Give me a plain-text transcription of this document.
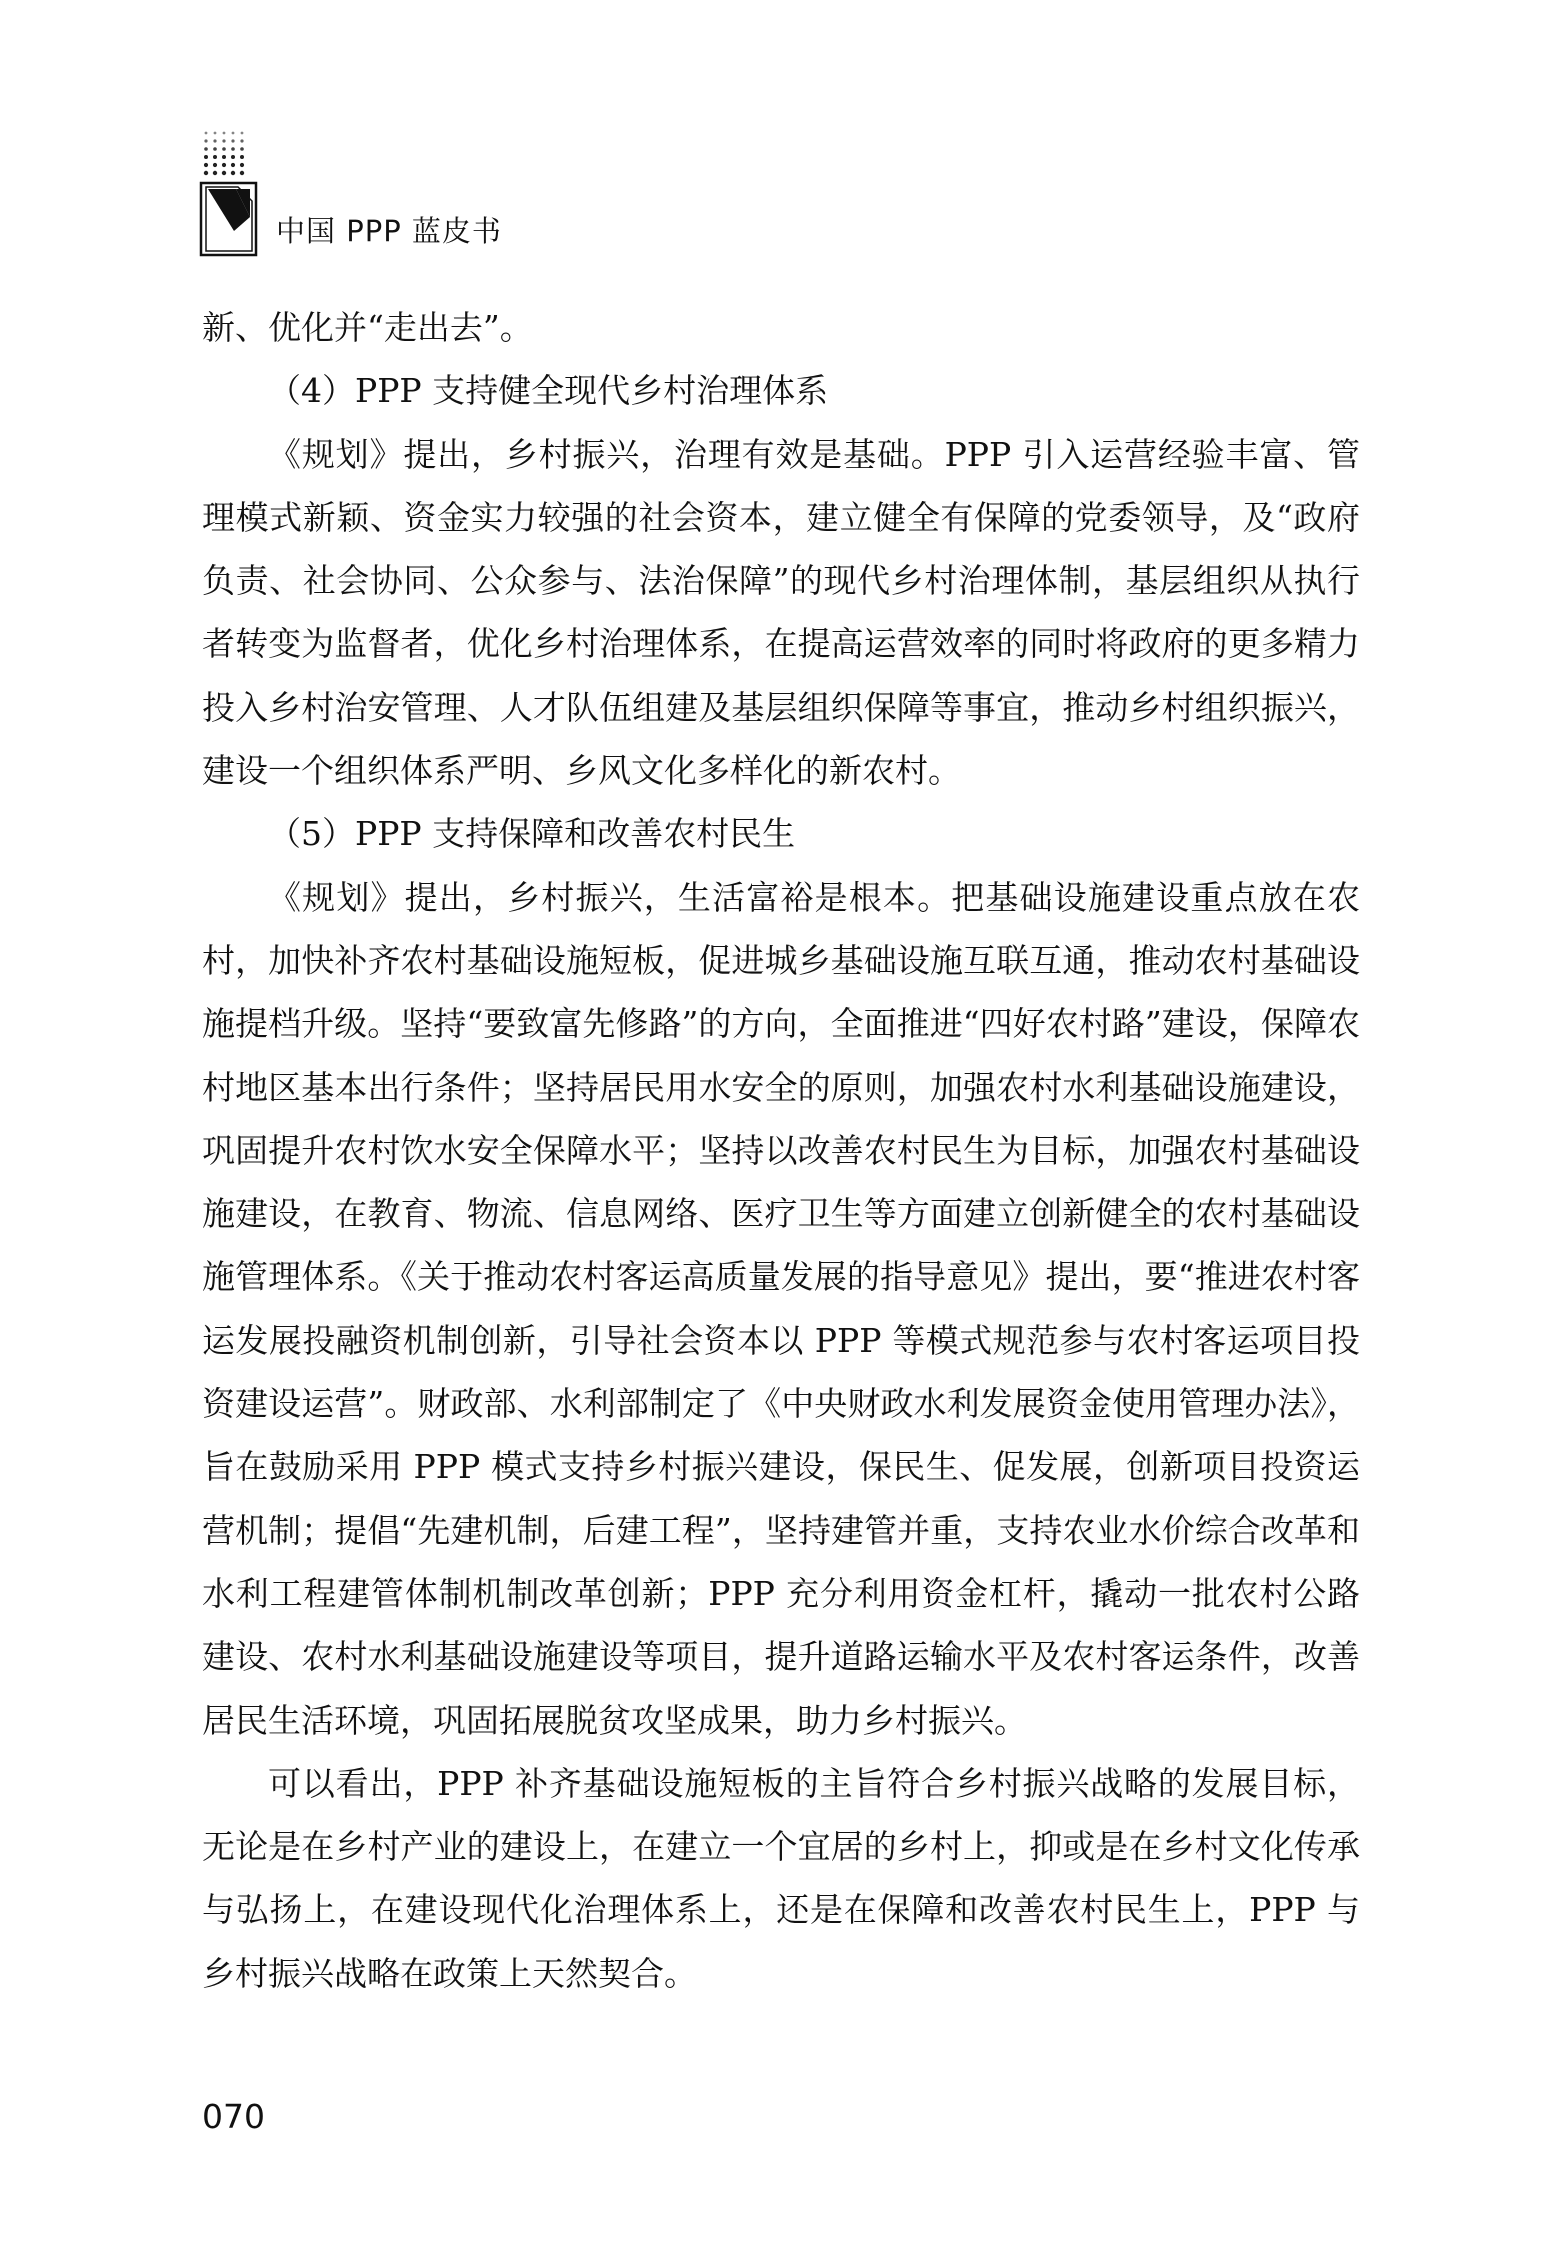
中国 PPP 蓝皮书

新、优化并“走出去”。

（4）PPP 支持健全现代乡村治理体系

《规划》提出，乡村振兴，治理有效是基础。PPP 引入运营经验丰富、管理模式新颖、资金实力较强的社会资本，建立健全有保障的党委领导，及“政府负责、社会协同、公众参与、法治保障”的现代乡村治理体制，基层组织从执行者转变为监督者，优化乡村治理体系，在提高运营效率的同时将政府的更多精力投入乡村治安管理、人才队伍组建及基层组织保障等事宜，推动乡村组织振兴，建设一个组织体系严明、乡风文化多样化的新农村。

（5）PPP 支持保障和改善农村民生

《规划》提出，乡村振兴，生活富裕是根本。把基础设施建设重点放在农村，加快补齐农村基础设施短板，促进城乡基础设施互联互通，推动农村基础设施提档升级。坚持“要致富先修路”的方向，全面推进“四好农村路”建设，保障农村地区基本出行条件；坚持居民用水安全的原则，加强农村水利基础设施建设，巩固提升农村饮水安全保障水平；坚持以改善农村民生为目标，加强农村基础设施建设，在教育、物流、信息网络、医疗卫生等方面建立创新健全的农村基础设施管理体系。《关于推动农村客运高质量发展的指导意见》提出，要“推进农村客运发展投融资机制创新，引导社会资本以 PPP 等模式规范参与农村客运项目投资建设运营”。财政部、水利部制定了《中央财政水利发展资金使用管理办法》，旨在鼓励采用 PPP 模式支持乡村振兴建设，保民生、促发展，创新项目投资运营机制；提倡“先建机制，后建工程”，坚持建管并重，支持农业水价综合改革和水利工程建管体制机制改革创新；PPP 充分利用资金杠杆，撬动一批农村公路建设、农村水利基础设施建设等项目，提升道路运输水平及农村客运条件，改善居民生活环境，巩固拓展脱贫攻坚成果，助力乡村振兴。

可以看出，PPP 补齐基础设施短板的主旨符合乡村振兴战略的发展目标，无论是在乡村产业的建设上，在建立一个宜居的乡村上，抑或是在乡村文化传承与弘扬上，在建设现代化治理体系上，还是在保障和改善农村民生上，PPP 与乡村振兴战略在政策上天然契合。

070
